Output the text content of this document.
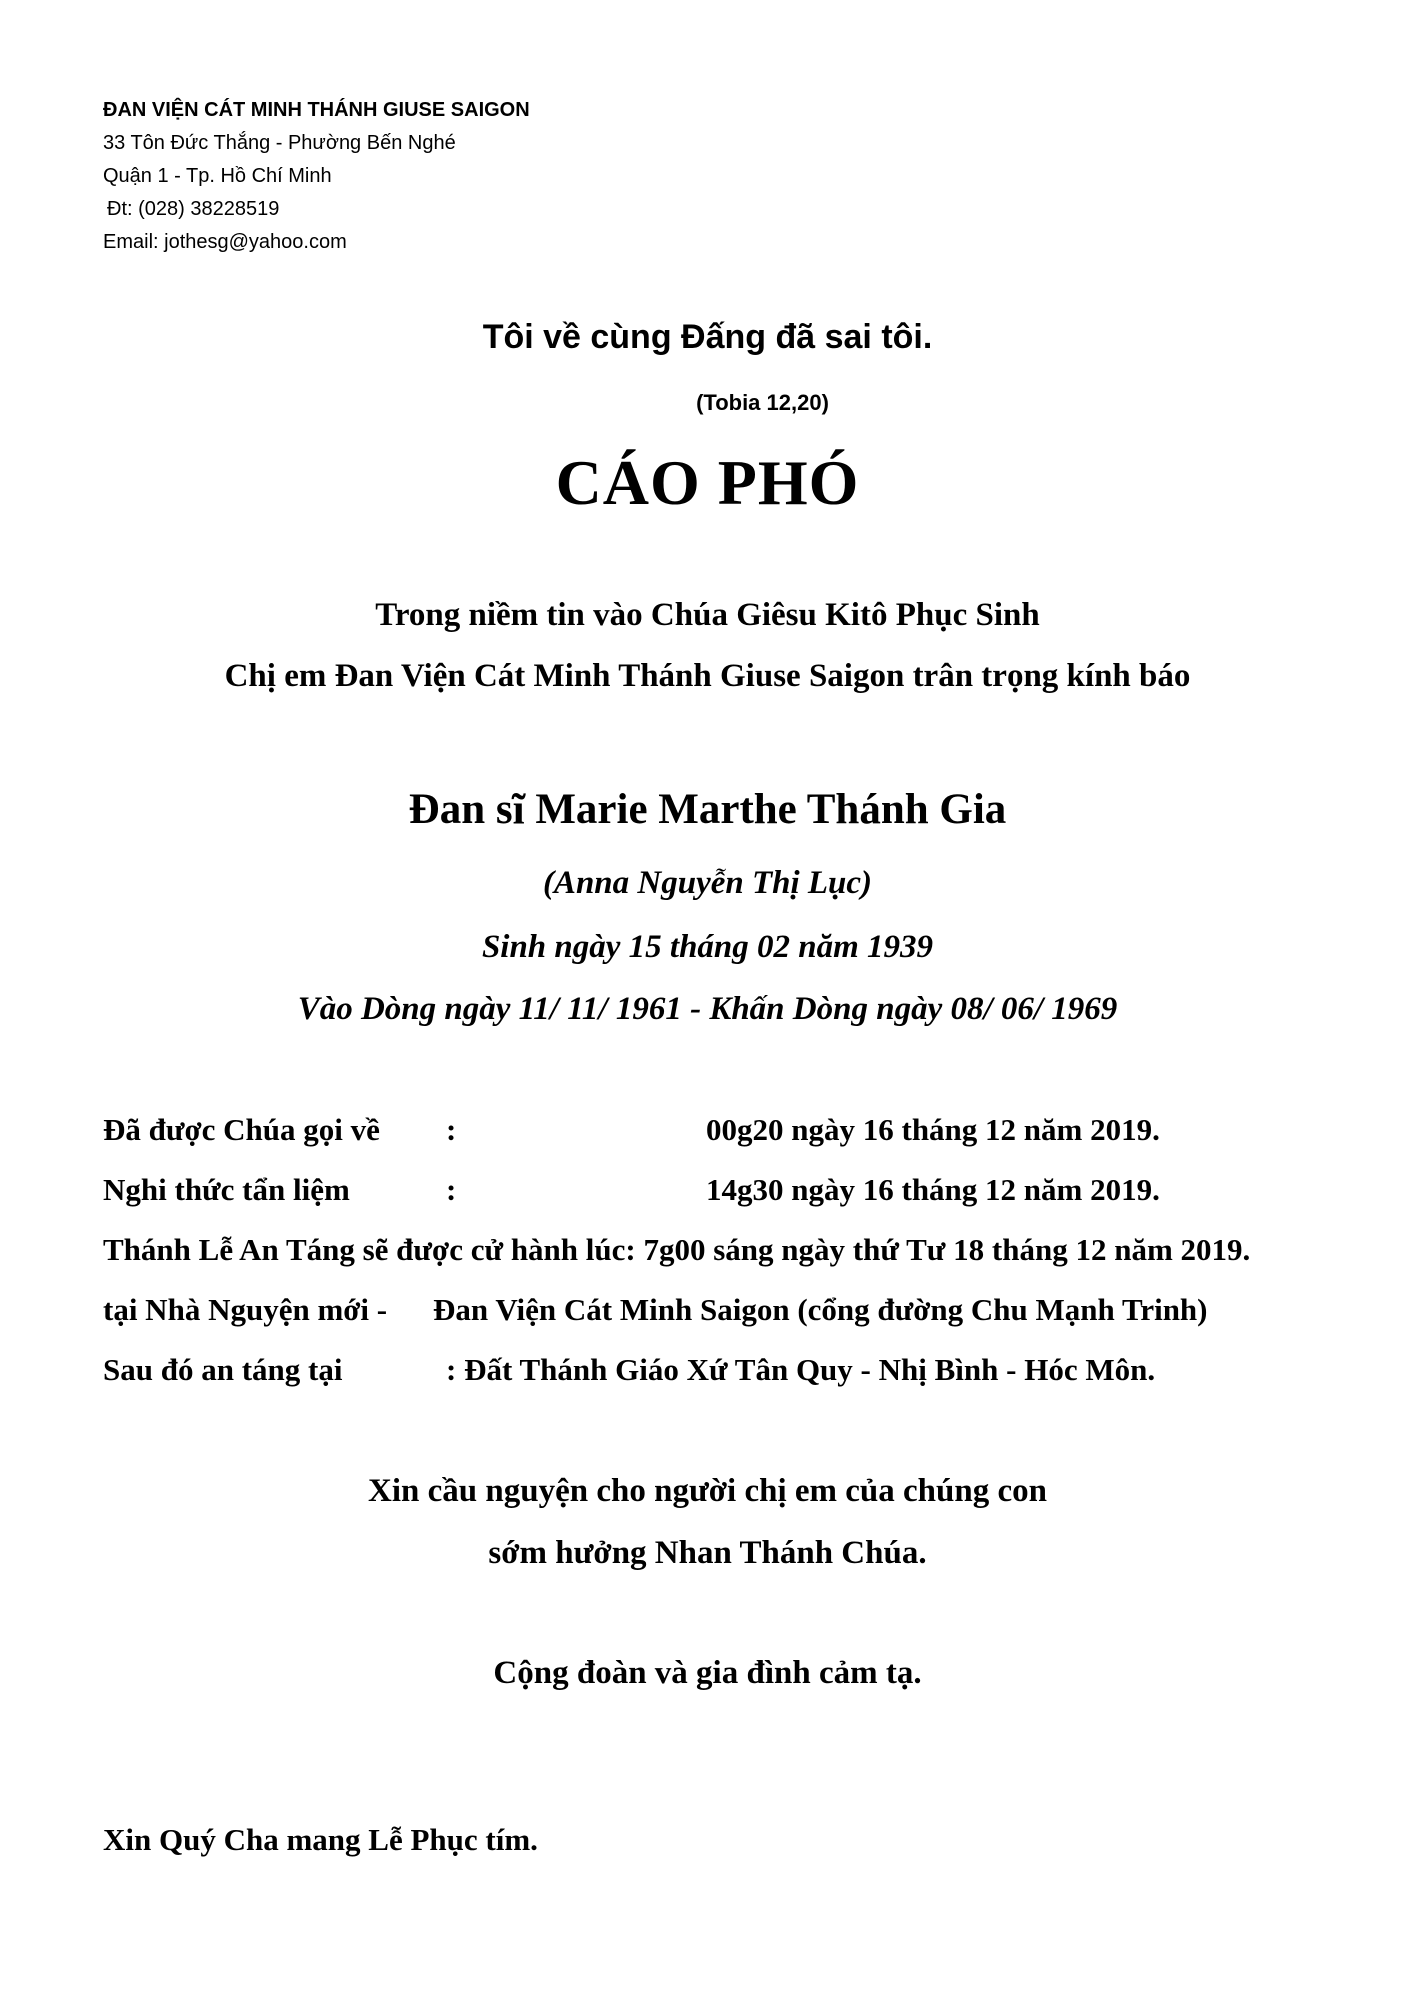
ĐAN VIỆN CÁT MINH THÁNH GIUSE SAIGON
33 Tôn Đức Thắng - Phường Bến Nghé
Quận 1 - Tp. Hồ Chí Minh
Đt: (028) 38228519
Email: jothesg@yahoo.com
Tôi về cùng Đấng đã sai tôi.
(Tobia 12,20)
CÁO PHÓ
Trong niềm tin vào Chúa Giêsu Kitô Phục Sinh
Chị em Đan Viện Cát Minh Thánh Giuse Saigon trân trọng kính báo
Đan sĩ Marie Marthe Thánh Gia
(Anna Nguyễn Thị Lục)
Sinh ngày 15 tháng 02 năm 1939
Vào Dòng ngày 11/ 11/ 1961 - Khấn Dòng ngày 08/ 06/ 1969
Đã được Chúa gọi về :	00g20 ngày 16 tháng 12 năm 2019.
Nghi thức tẩn liệm	:	14g30 ngày 16 tháng 12 năm 2019.
Thánh Lễ An Táng sẽ được cử hành lúc: 7g00 sáng ngày thứ Tư 18 tháng 12 năm 2019.
tại Nhà Nguyện mới - Đan Viện Cát Minh Saigon (cổng đường Chu Mạnh Trinh)
Sau đó an táng tại	: Đất Thánh Giáo Xứ Tân Quy - Nhị Bình - Hóc Môn.
Xin cầu nguyện cho người chị em của chúng con
sớm hưởng Nhan Thánh Chúa.
Cộng đoàn và gia đình cảm tạ.
Xin Quý Cha mang Lễ Phục tím.
